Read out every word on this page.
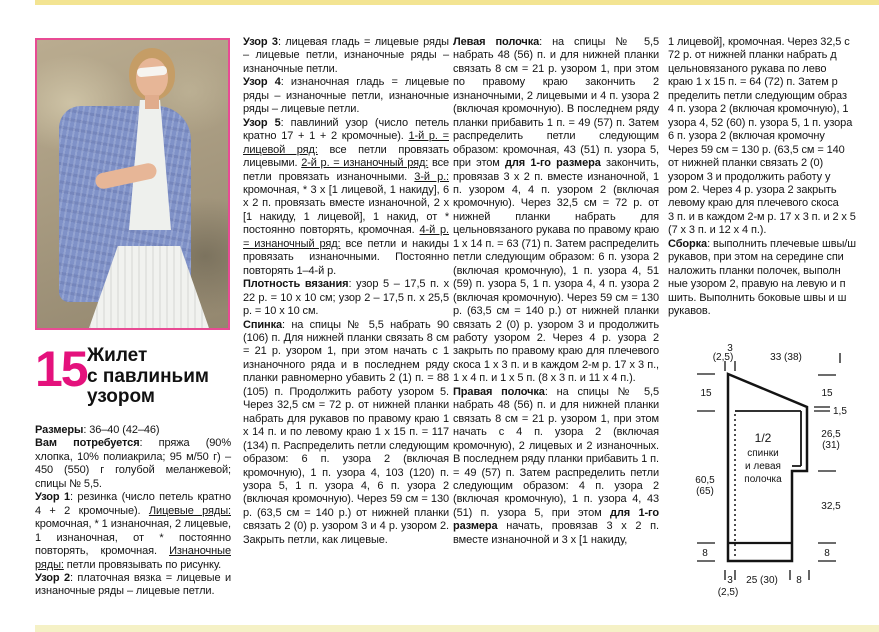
15 Жилет
с павлиньим
узором

Размеры: 36–40 (42–46)

Вам потребуется: пряжа (90% хлопка, 10% полиакрила; 95 м/50 г) – 450 (550) г голубой меланжевой; спицы № 5,5.

Узор 1: резинка (число петель кратно 4 + 2 кромочные). Лицевые ряды: кромочная, * 1 изнаночная, 2 лицевые, 1 изнаночная, от * постоянно повторять, кромочная. Изнаночные ряды: петли провязывать по рисунку.

Узор 2: платочная вязка = лицевые и изнаночные ряды – лицевые петли.

Узор 3: лицевая гладь = лицевые ряды – лицевые петли, изнаночные ряды – изнаночные петли.

Узор 4: изнаночная гладь = лицевые ряды – изнаночные петли, изнаночные ряды – лицевые петли.

Узор 5: павлиний узор (число петель кратно 17 + 1 + 2 кромочные). 1-й р. = лицевой ряд: все петли провязать лицевыми. 2-й р. = изнаночный ряд: все петли провязать изнаночными. 3-й р.: кромочная, * 3 х [1 лицевой, 1 накиду], 6 х 2 п. провязать вместе изнаночной, 2 х [1 накиду, 1 лицевой], 1 накид, от * постоянно повторять, кромочная. 4-й р. = изнаночный ряд: все петли и накиды провязать изнаночными. Постоянно повторять 1–4-й р.

Плотность вязания: узор 5 – 17,5 п. х 22 р. = 10 х 10 см; узор 2 – 17,5 п. х 25,5 р. = 10 х 10 см.

Спинка: на спицы № 5,5 набрать 90 (106) п. Для нижней планки связать 8 см = 21 р. узором 1, при этом начать с 1 изнаночного ряда и в последнем ряду планки равномерно убавить 2 (1) п. = 88 (105) п. Продолжить работу узором 5. Через 32,5 см = 72 р. от нижней планки набрать для рукавов по правому краю 1 х 14 п. и по левому краю 1 х 15 п. = 117 (134) п. Распределить петли следующим образом: 6 п. узора 2 (включая кромочную), 1 п. узора 4, 103 (120) п. узора 5, 1 п. узора 4, 6 п. узора 2 (включая кромочную). Через 59 см = 130 р. (63,5 см = 140 р.) от нижней планки связать 2 (0) р. узором 3 и 4 р. узором 2. Закрыть петли, как лицевые.

Левая полочка: на спицы № 5,5 набрать 48 (56) п. и для нижней планки связать 8 см = 21 р. узором 1, при этом по правому краю закончить 2 изнаночными, 2 лицевыми и 4 п. узора 2 (включая кромочную). В последнем ряду планки прибавить 1 п. = 49 (57) п. Затем распределить петли следующим образом: кромочная, 43 (51) п. узора 5, при этом для 1-го размера закончить, провязав 3 х 2 п. вместе изнаночной, 1 п. узором 4, 4 п. узором 2 (включая кромочную). Через 32,5 см = 72 р. от нижней планки набрать для цельновязаного рукава по правому краю 1 х 14 п. = 63 (71) п. Затем распределить петли следующим образом: 6 п. узора 2 (включая кромочную), 1 п. узора 4, 51 (59) п. узора 5, 1 п. узора 4, 4 п. узора 2 (включая кромочную). Через 59 см = 130 р. (63,5 см = 140 р.) от нижней планки связать 2 (0) р. узором 3 и продолжить работу узором 2. Через 4 р. узора 2 закрыть по правому краю для плечевого скоса 1 х 3 п. и в каждом 2-м р. 17 х 3 п., 1 х 4 п. и 1 х 5 п. (8 х 3 п. и 11 х 4 п.).

Правая полочка: на спицы № 5,5 набрать 48 (56) п. и для нижней планки связать 8 см = 21 р. узором 1, при этом начать с 4 п. узора 2 (включая кромочную), 2 лицевых и 2 изнаночных. В последнем ряду планки прибавить 1 п. = 49 (57) п. Затем распределить петли следующим образом: 4 п. узора 2 (включая кромочную), 1 п. узора 4, 43 (51) п. узора 5, при этом для 1-го размера начать, провязав 3 х 2 п. вместе изнаночной и 3 х [1 накиду,

1 лицевой], кромочная. Через 32,5 с

72 р. от нижней планки набрать д

цельновязаного рукава по лево

краю 1 х 15 п. = 64 (72) п. Затем р

пределить петли следующим образ

4 п. узора 2 (включая кромочную), 1

узора 4, 52 (60) п. узора 5, 1 п. узора

6 п. узора 2 (включая кромочну

Через 59 см = 130 р. (63,5 см = 140

от нижней планки связать 2 (0)

узором 3 и продолжить работу у

ром 2. Через 4 р. узора 2 закрыть

левому краю для плечевого скоса

3 п. и в каждом 2-м р. 17 х 3 п. и 2 х 5

(7 х 3 п. и 12 х 4 п.).

Сборка: выполнить плечевые швы/ш

рукавов, при этом на середине спи

наложить планки полочек, выполн

ные узором 2, правую на левую и п

шить. Выполнить боковые швы и ш

рукавов.

3
(2,5)	33 (38)
15	15
1,5
26,5
(31)
32,5
8
60,5
(65)
8
3
(2,5)
25 (30) 8
1/2
спинки
и левая
полочка
